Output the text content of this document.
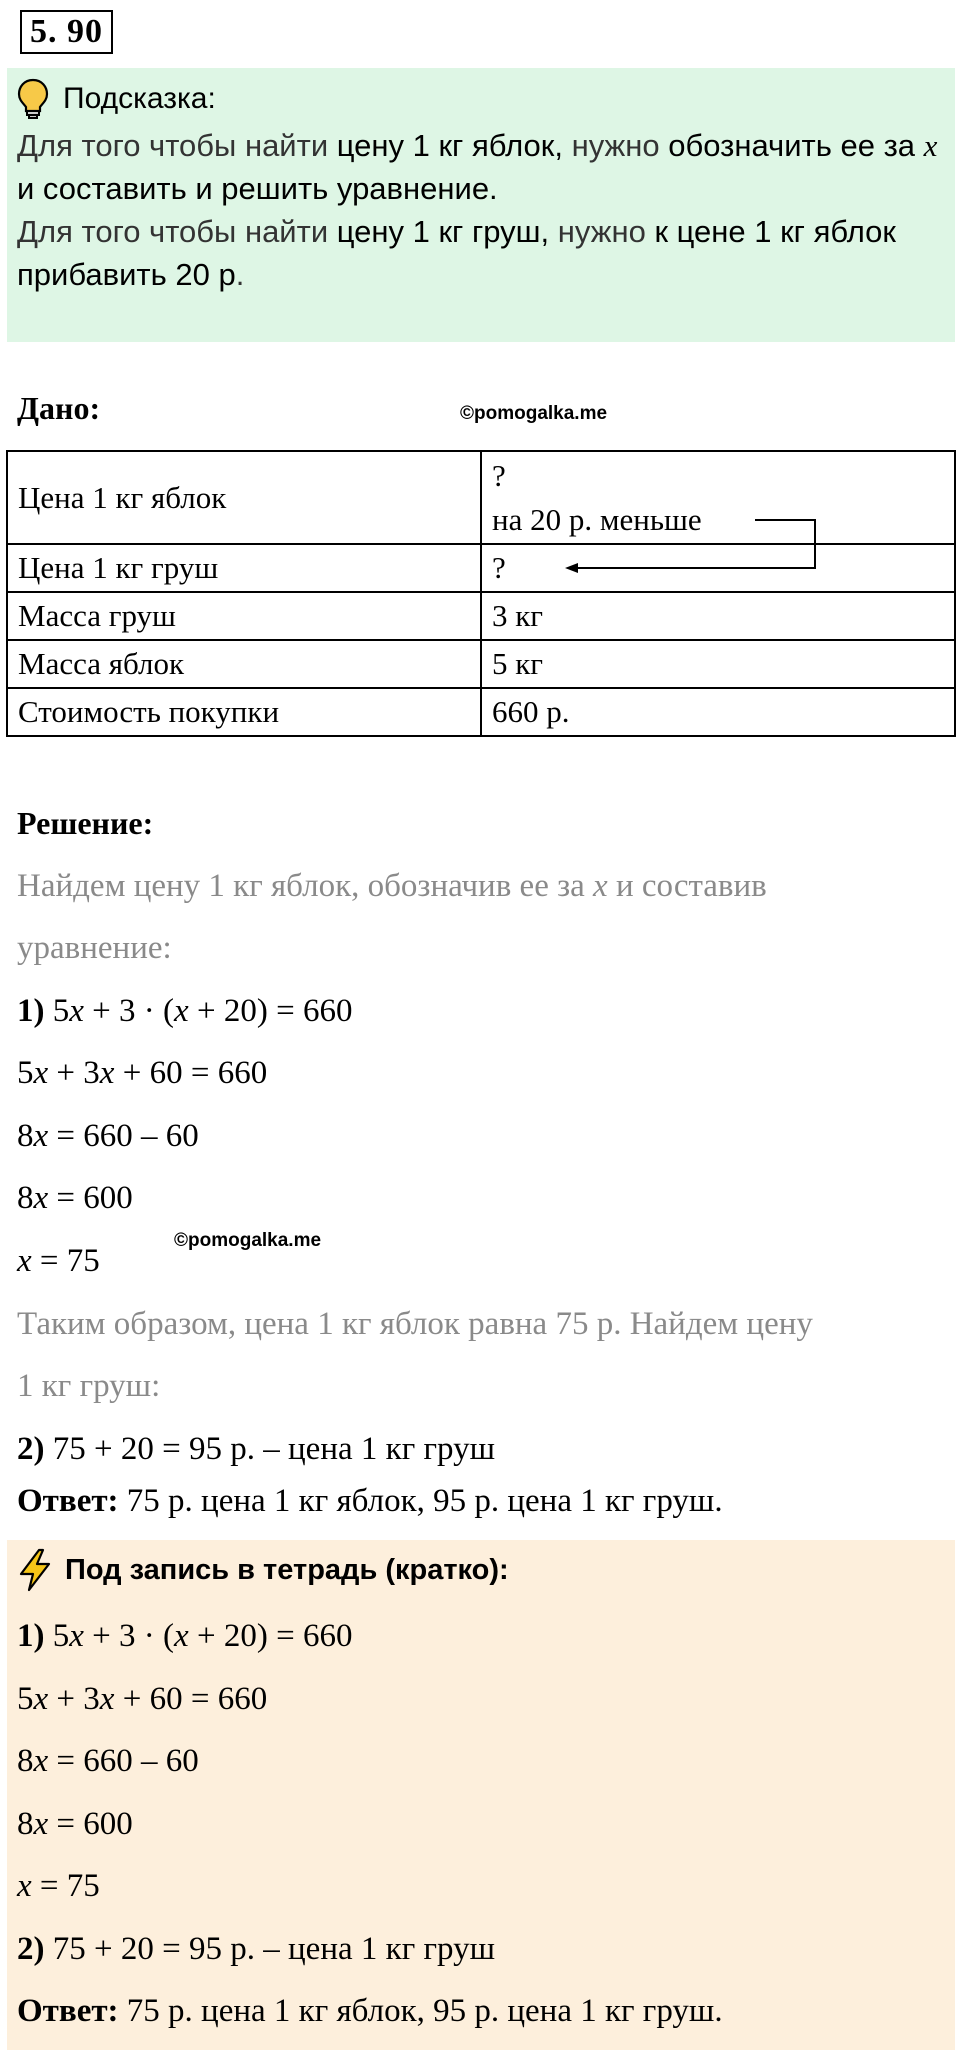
5. 90
Подсказка:
Для того чтобы найти цену 1 кг яблок, нужно обозначить ее за x и составить и решить уравнение.
Для того чтобы найти цену 1 кг груш, нужно к цене 1 кг яблок прибавить 20 р.
Дано:	©pomogalka.me
Цена 1 кг яблок	?
на 20 р. меньше

Цена 1 кг груш	?
Масса груш	3 кг
Масса яблок	5 кг
Стоимость покупки	660 р.
Решение:
Найдем цену 1 кг яблок, обозначив ее за x и составив
уравнение:
1) 5x + 3 · (x + 20) = 660
5x + 3x + 60 = 660
8x = 660 – 60
8x = 600
x = 75
©pomogalka.me
Таким образом, цена 1 кг яблок равна 75 р. Найдем цену
1 кг груш:
2) 75 + 20 = 95 р. – цена 1 кг груш
Ответ: 75 р. цена 1 кг яблок, 95 р. цена 1 кг груш.
Под запись в тетрадь (кратко):
1) 5x + 3 · (x + 20) = 660
5x + 3x + 60 = 660
8x = 660 – 60
8x = 600
x = 75
2) 75 + 20 = 95 р. – цена 1 кг груш
Ответ: 75 р. цена 1 кг яблок, 95 р. цена 1 кг груш.
